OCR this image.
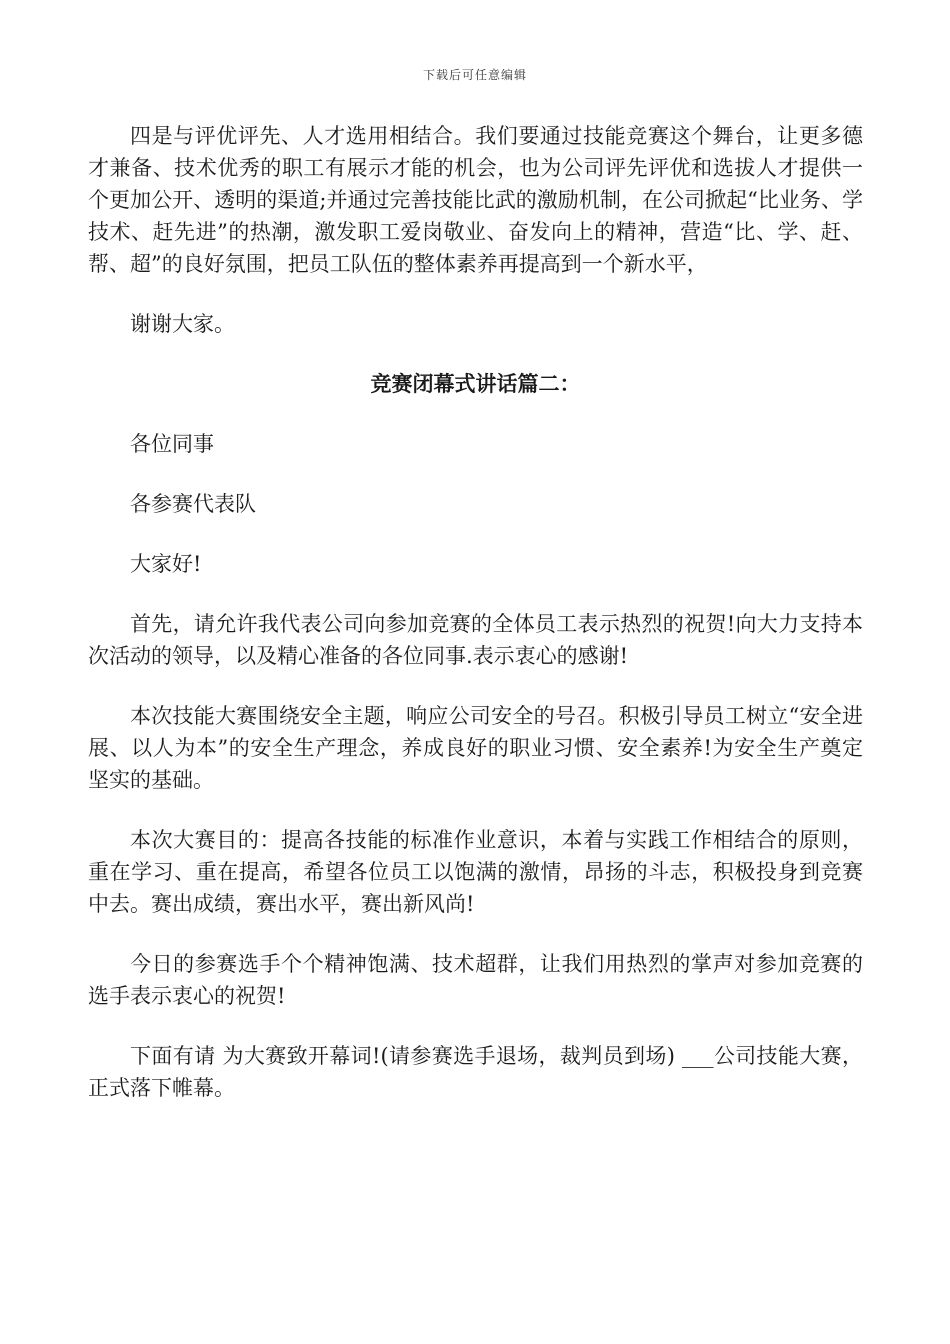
下载后可任意编辑

四是与评优评先、人才选用相结合。我们要通过技能竞赛这个舞台，让更多德才兼备、技术优秀的职工有展示才能的机会，也为公司评先评优和选拔人才提供一个更加公开、透明的渠道;并通过完善技能比武的激励机制，在公司掀起“比业务、学技术、赶先进”的热潮，激发职工爱岗敬业、奋发向上的精神，营造“比、学、赶、帮、超”的良好氛围，把员工队伍的整体素养再提高到一个新水平，

谢谢大家。

竞赛闭幕式讲话篇二：

各位同事

各参赛代表队

大家好!

首先，请允许我代表公司向参加竞赛的全体员工表示热烈的祝贺!向大力支持本次活动的领导，以及精心准备的各位同事.表示衷心的感谢!

本次技能大赛围绕安全主题，响应公司安全的号召。积极引导员工树立“安全进展、以人为本”的安全生产理念，养成良好的职业习惯、安全素养!为安全生产奠定坚实的基础。

本次大赛目的：提高各技能的标准作业意识，本着与实践工作相结合的原则，重在学习、重在提高，希望各位员工以饱满的激情，昂扬的斗志，积极投身到竞赛中去。赛出成绩，赛出水平，赛出新风尚!

今日的参赛选手个个精神饱满、技术超群，让我们用热烈的掌声对参加竞赛的选手表示衷心的祝贺!

下面有请 为大赛致开幕词!(请参赛选手退场，裁判员到场) ___公司技能大赛，正式落下帷幕。
